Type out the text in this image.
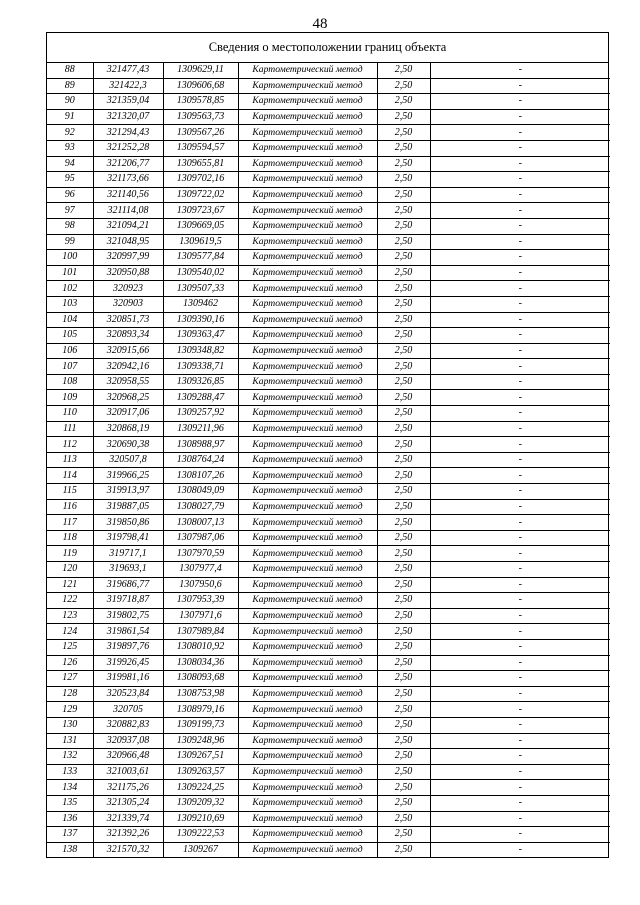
48
Сведения о местоположении границ объекта
88	321477,43	1309629,11	Картометрический метод	2,50	-
89	321422,3	1309606,68	Картометрический метод	2,50	-
90	321359,04	1309578,85	Картометрический метод	2,50	-
91	321320,07	1309563,73	Картометрический метод	2,50	-
92	321294,43	1309567,26	Картометрический метод	2,50	-
93	321252,28	1309594,57	Картометрический метод	2,50	-
94	321206,77	1309655,81	Картометрический метод	2,50	-
95	321173,66	1309702,16	Картометрический метод	2,50	-
96	321140,56	1309722,02	Картометрический метод	2,50	-
97	321114,08	1309723,67	Картометрический метод	2,50	-
98	321094,21	1309669,05	Картометрический метод	2,50	-
99	321048,95	1309619,5	Картометрический метод	2,50	-
100	320997,99	1309577,84	Картометрический метод	2,50	-
101	320950,88	1309540,02	Картометрический метод	2,50	-
102	320923	1309507,33	Картометрический метод	2,50	-
103	320903	1309462	Картометрический метод	2,50	-
104	320851,73	1309390,16	Картометрический метод	2,50	-
105	320893,34	1309363,47	Картометрический метод	2,50	-
106	320915,66	1309348,82	Картометрический метод	2,50	-
107	320942,16	1309338,71	Картометрический метод	2,50	-
108	320958,55	1309326,85	Картометрический метод	2,50	-
109	320968,25	1309288,47	Картометрический метод	2,50	-
110	320917,06	1309257,92	Картометрический метод	2,50	-
111	320868,19	1309211,96	Картометрический метод	2,50	-
112	320690,38	1308988,97	Картометрический метод	2,50	-
113	320507,8	1308764,24	Картометрический метод	2,50	-
114	319966,25	1308107,26	Картометрический метод	2,50	-
115	319913,97	1308049,09	Картометрический метод	2,50	-
116	319887,05	1308027,79	Картометрический метод	2,50	-
117	319850,86	1308007,13	Картометрический метод	2,50	-
118	319798,41	1307987,06	Картометрический метод	2,50	-
119	319717,1	1307970,59	Картометрический метод	2,50	-
120	319693,1	1307977,4	Картометрический метод	2,50	-
121	319686,77	1307950,6	Картометрический метод	2,50	-
122	319718,87	1307953,39	Картометрический метод	2,50	-
123	319802,75	1307971,6	Картометрический метод	2,50	-
124	319861,54	1307989,84	Картометрический метод	2,50	-
125	319897,76	1308010,92	Картометрический метод	2,50	-
126	319926,45	1308034,36	Картометрический метод	2,50	-
127	319981,16	1308093,68	Картометрический метод	2,50	-
128	320523,84	1308753,98	Картометрический метод	2,50	-
129	320705	1308979,16	Картометрический метод	2,50	-
130	320882,83	1309199,73	Картометрический метод	2,50	-
131	320937,08	1309248,96	Картометрический метод	2,50	-
132	320966,48	1309267,51	Картометрический метод	2,50	-
133	321003,61	1309263,57	Картометрический метод	2,50	-
134	321175,26	1309224,25	Картометрический метод	2,50	-
135	321305,24	1309209,32	Картометрический метод	2,50	-
136	321339,74	1309210,69	Картометрический метод	2,50	-
137	321392,26	1309222,53	Картометрический метод	2,50	-
138	321570,32	1309267	Картометрический метод	2,50	-
